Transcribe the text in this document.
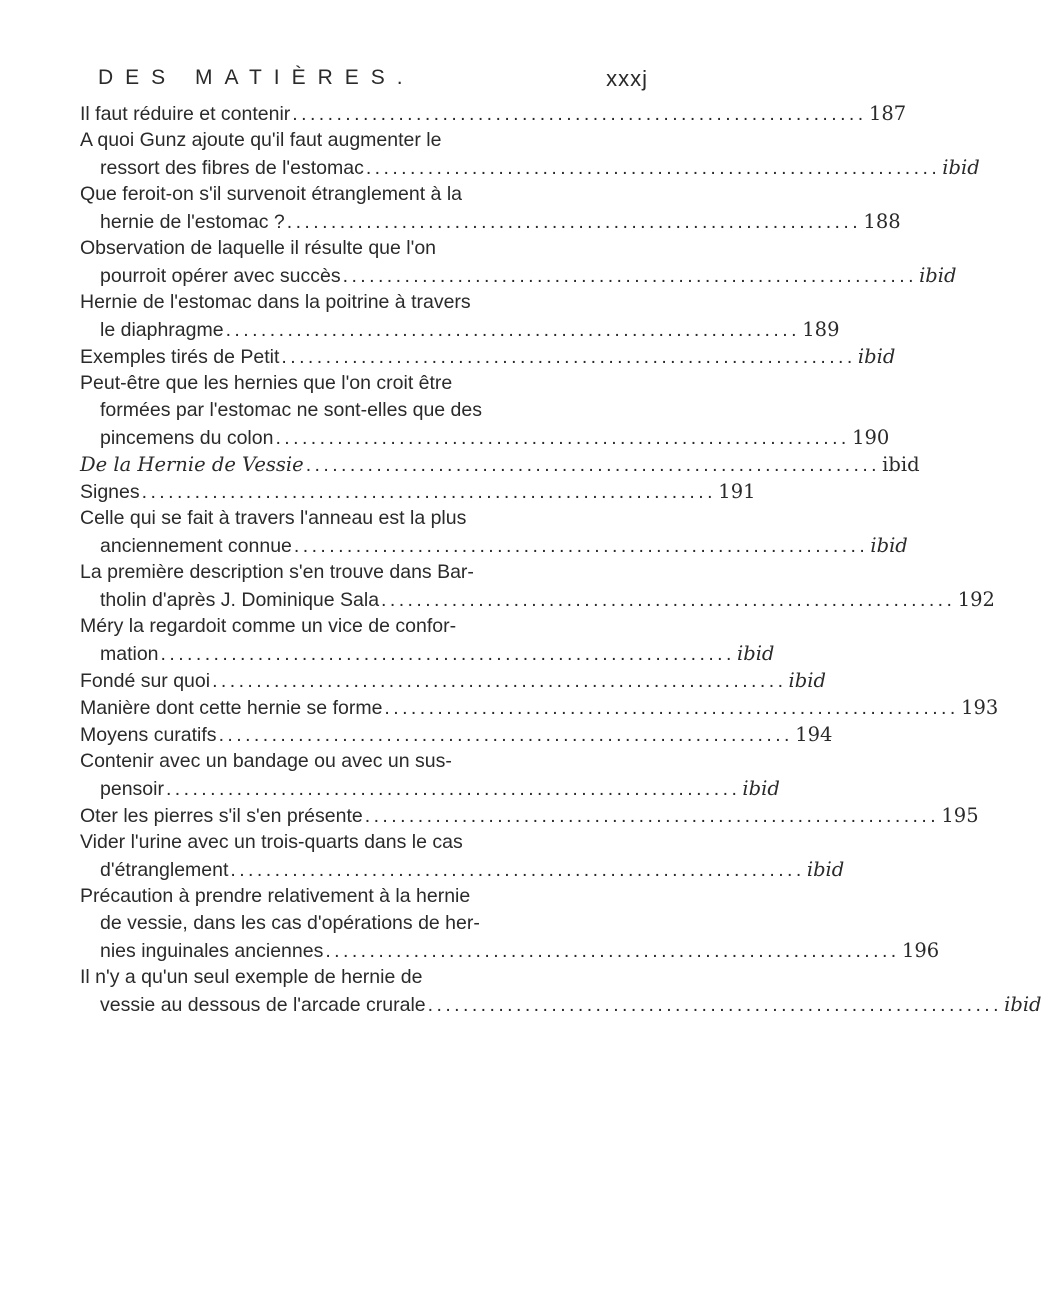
DES MATIÈRES.	xxxj
Il faut réduire et contenir . . .	187
A quoi Gunz ajoute qu'il faut augmenter le
ressort des fibres de l'estomac . . .	ibid
Que feroit-on s'il survenoit étranglement à la
hernie de l'estomac ? . . .	188
Observation de laquelle il résulte que l'on
pourroit opérer avec succès . . .	ibid
Hernie de l'estomac dans la poitrine à travers
le diaphragme . . .	189
Exemples tirés de Petit . . .	ibid
Peut-être que les hernies que l'on croit être
formées par l'estomac ne sont-elles que des
pincemens du colon . . .	190
De la Hernie de Vessie . . .	ibid
Signes . . .	191
Celle qui se fait à travers l'anneau est la plus
anciennement connue . . .	ibid
La première description s'en trouve dans Bar-
tholin d'après J. Dominique Sala . . .	192
Méry la regardoit comme un vice de confor-
mation . . .	ibid
Fondé sur quoi . . .	ibid
Manière dont cette hernie se forme . . .	193
Moyens curatifs . . .	194
Contenir avec un bandage ou avec un sus-
pensoir . . .	ibid
Oter les pierres s'il s'en présente . . .	195
Vider l'urine avec un trois-quarts dans le cas
d'étranglement . . .	ibid
Précaution à prendre relativement à la hernie
de vessie, dans les cas d'opérations de her-
nies inguinales anciennes . . .	196
Il n'y a qu'un seul exemple de hernie de
vessie au dessous de l'arcade crurale . . .	ibid
